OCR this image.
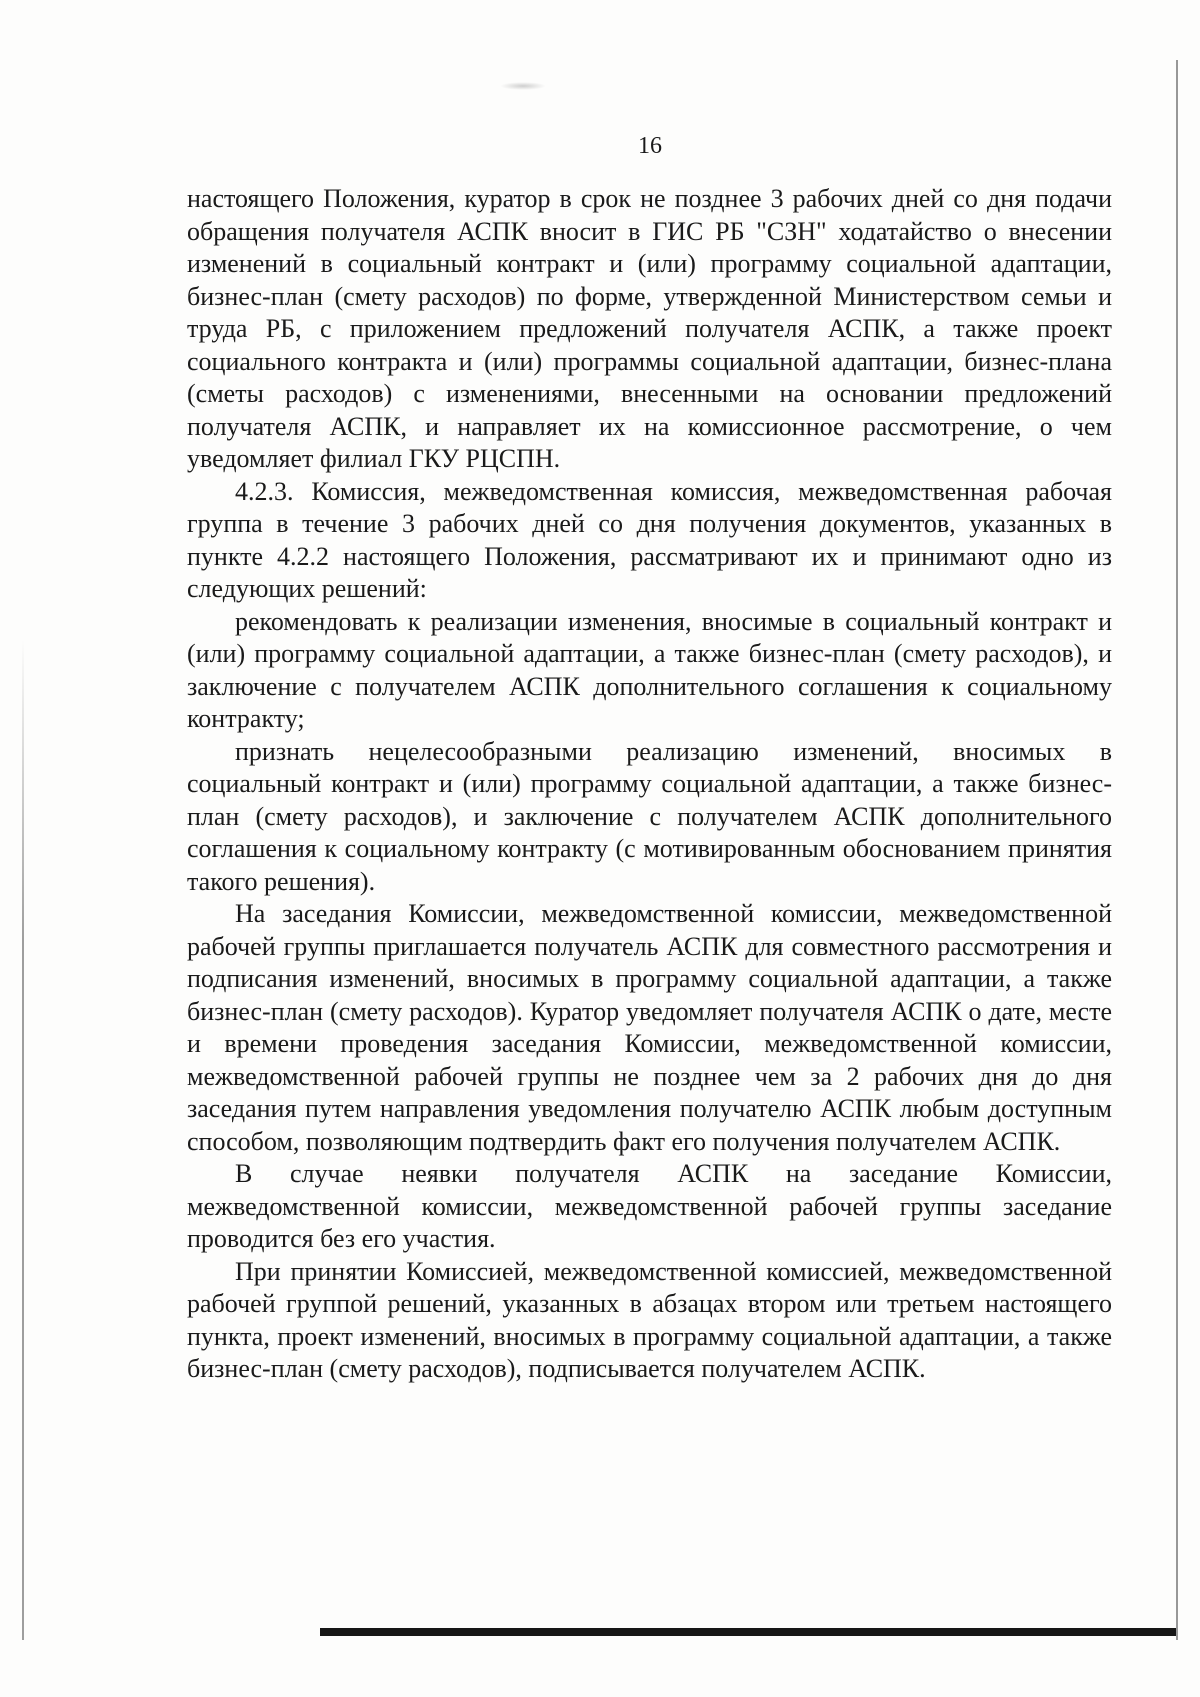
16

настоящего Положения, куратор в срок не позднее 3 рабочих дней со дня подачи обращения получателя АСПК вносит в ГИС РБ "СЗН" ходатайство о внесении изменений в социальный контракт и (или) программу социальной адаптации, бизнес-план (смету расходов) по форме, утвержденной Министерством семьи и труда РБ, с приложением предложений получателя АСПК, а также проект социального контракта и (или) программы социальной адаптации, бизнес-плана (сметы расходов) с изменениями, внесенными на основании предложений получателя АСПК, и направляет их на комиссионное рассмотрение, о чем уведомляет филиал ГКУ РЦСПН.

4.2.3. Комиссия, межведомственная комиссия, межведомственная рабочая группа в течение 3 рабочих дней со дня получения документов, указанных в пункте 4.2.2 настоящего Положения, рассматривают их и принимают одно из следующих решений:

рекомендовать к реализации изменения, вносимые в социальный контракт и (или) программу социальной адаптации, а также бизнес-план (смету расходов), и заключение с получателем АСПК дополнительного соглашения к социальному контракту;

признать нецелесообразными реализацию изменений, вносимых в социальный контракт и (или) программу социальной адаптации, а также бизнес-план (смету расходов), и заключение с получателем АСПК дополнительного соглашения к социальному контракту (с мотивированным обоснованием принятия такого решения).

На заседания Комиссии, межведомственной комиссии, межведомственной рабочей группы приглашается получатель АСПК для совместного рассмотрения и подписания изменений, вносимых в программу социальной адаптации, а также бизнес-план (смету расходов). Куратор уведомляет получателя АСПК о дате, месте и времени проведения заседания Комиссии, межведомственной комиссии, межведомственной рабочей группы не позднее чем за 2 рабочих дня до дня заседания путем направления уведомления получателю АСПК любым доступным способом, позволяющим подтвердить факт его получения получателем АСПК.

В случае неявки получателя АСПК на заседание Комиссии, межведомственной комиссии, межведомственной рабочей группы заседание проводится без его участия.

При принятии Комиссией, межведомственной комиссией, межведомственной рабочей группой решений, указанных в абзацах втором или третьем настоящего пункта, проект изменений, вносимых в программу социальной адаптации, а также бизнес-план (смету расходов), подписывается получателем АСПК.
